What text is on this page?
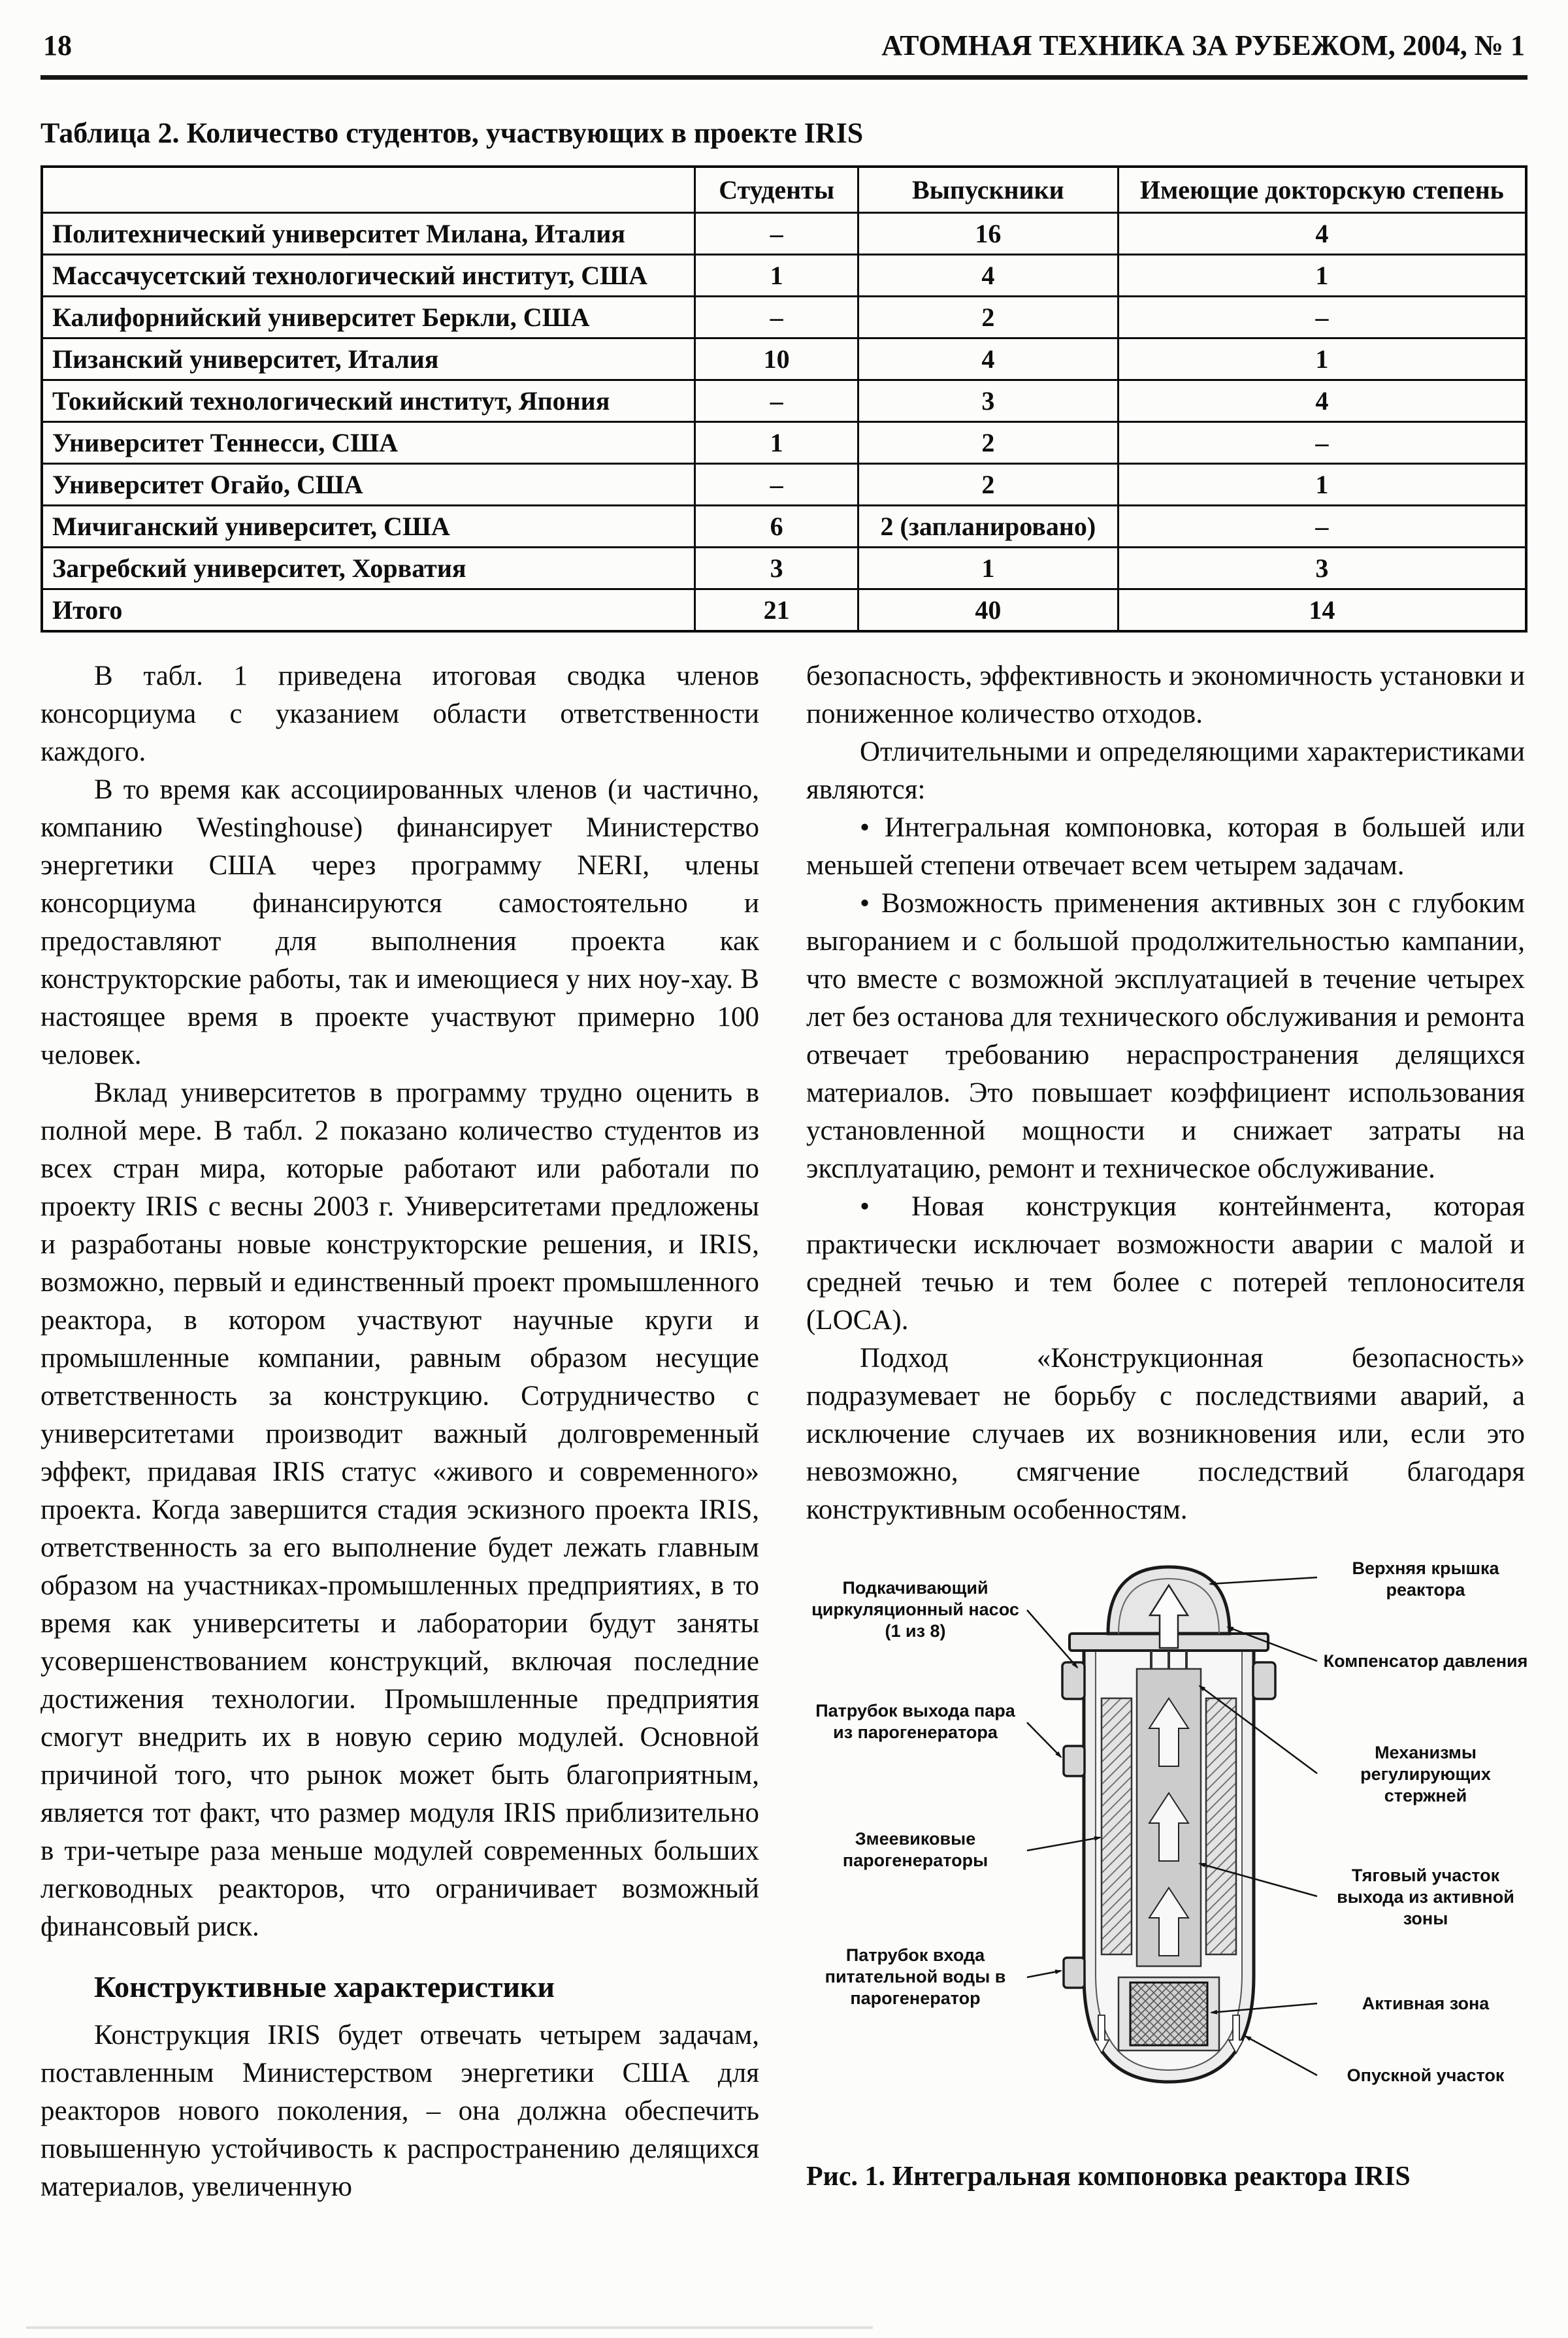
18	АТОМНАЯ ТЕХНИКА ЗА РУБЕЖОМ, 2004, № 1
Таблица 2. Количество студентов, участвующих в проекте IRIS
	Студенты	Выпускники	Имеющие докторскую степень
Политехнический университет Милана, Италия	–	16	4
Массачусетский технологический институт, США	1	4	1
Калифорнийский университет Беркли, США	–	2	–
Пизанский университет, Италия	10	4	1
Токийский технологический институт, Япония	–	3	4
Университет Теннесси, США	1	2	–
Университет Огайо, США	–	2	1
Мичиганский университет, США	6	2 (запланировано)	–
Загребский университет, Хорватия	3	1	3
Итого	21	40	14

В табл. 1 приведена итоговая сводка членов консорциума с указанием области ответственности каждого.

В то время как ассоциированных членов (и частично, компанию Westinghouse) финансирует Министерство энергетики США через программу NERI, члены консорциума финансируются самостоятельно и предоставляют для выполнения проекта как конструкторские работы, так и имеющиеся у них ноу-хау. В настоящее время в проекте участвуют примерно 100 человек.

Вклад университетов в программу трудно оценить в полной мере. В табл. 2 показано количество студентов из всех стран мира, которые работают или работали по проекту IRIS с весны 2003 г. Университетами предложены и разработаны новые конструкторские решения, и IRIS, возможно, первый и единственный проект промышленного реактора, в котором участвуют научные круги и промышленные компании, равным образом несущие ответственность за конструкцию. Сотрудничество с университетами производит важный долговременный эффект, придавая IRIS статус «живого и современного» проекта. Когда завершится стадия эскизного проекта IRIS, ответственность за его выполнение будет лежать главным образом на участниках-промышленных предприятиях, в то время как университеты и лаборатории будут заняты усовершенствованием конструкций, включая последние достижения технологии. Промышленные предприятия смогут внедрить их в новую серию модулей. Основной причиной того, что рынок может быть благоприятным, является тот факт, что размер модуля IRIS приблизительно в три-четыре раза меньше модулей современных больших легководных реакторов, что ограничивает возможный финансовый риск.

Конструктивные характеристики

Конструкция IRIS будет отвечать четырем задачам, поставленным Министерством энергетики США для реакторов нового поколения, – она должна обеспечить повышенную устойчивость к распространению делящихся материалов, увеличенную

безопасность, эффективность и экономичность установки и пониженное количество отходов.

Отличительными и определяющими характеристиками являются:

• Интегральная компоновка, которая в большей или меньшей степени отвечает всем четырем задачам.

• Возможность применения активных зон с глубоким выгоранием и с большой продолжительностью кампании, что вместе с возможной эксплуатацией в течение четырех лет без останова для технического обслуживания и ремонта отвечает требованию нераспространения делящихся материалов. Это повышает коэффициент использования установленной мощности и снижает затраты на эксплуатацию, ремонт и техническое обслуживание.

• Новая конструкция контейнмента, которая практически исключает возможности аварии с малой и средней течью и тем более с потерей теплоносителя (LOCA).

Подход «Конструкционная безопасность» подразумевает не борьбу с последствиями аварий, а исключение случаев их возникновения или, если это невозможно, смягчение последствий благодаря конструктивным особенностям.

Подкачивающий циркуляционный насос (1 из 8)
Патрубок выхода пара из парогенератора
Змеевиковые парогенераторы
Патрубок входа питательной воды в парогенератор
Верхняя крышка реактора
Компенсатор давления
Механизмы регулирующих стержней
Тяговый участок выхода из активной зоны
Активная зона
Опускной участок

Рис. 1. Интегральная компоновка реактора IRIS
